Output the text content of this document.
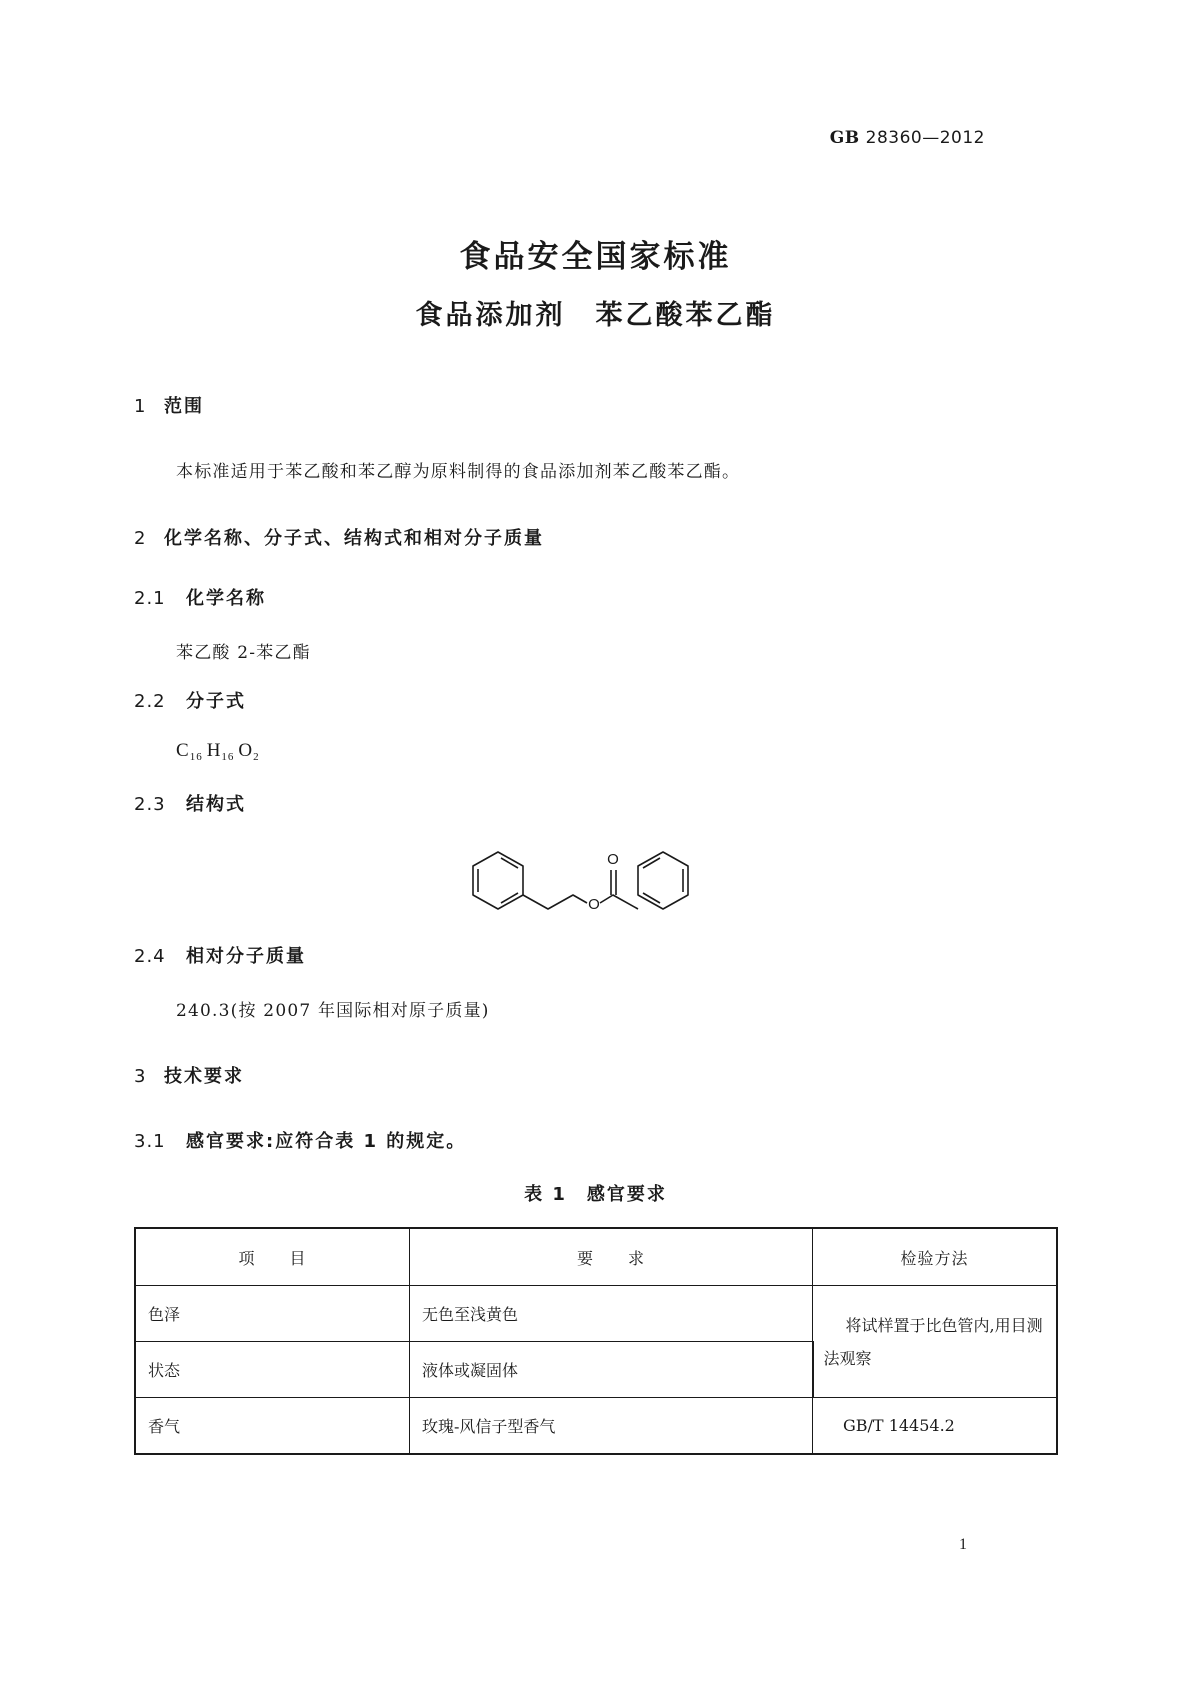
GB 28360—2012
食品安全国家标准
食品添加剂　苯乙酸苯乙酯
1 范围
本标准适用于苯乙酸和苯乙醇为原料制得的食品添加剂苯乙酸苯乙酯。
2 化学名称、分子式、结构式和相对分子质量
2.1 化学名称
苯乙酸 2-苯乙酯
2.2 分子式
$C_{16}$ $H_{16}$ $O_2$
2.3 结构式
O
O
2.4 相对分子质量
240.3(按 2007 年国际相对原子质量)
3 技术要求
3.1 感官要求:应符合表 1 的规定。
表 1　感官要求
项　　目	要　　求	检验方法
色泽	无色至浅黄色	将试样置于比色管内,用目测法观察
状态	液体或凝固体	
香气	玫瑰-风信子型香气	GB/T 14454.2
1
